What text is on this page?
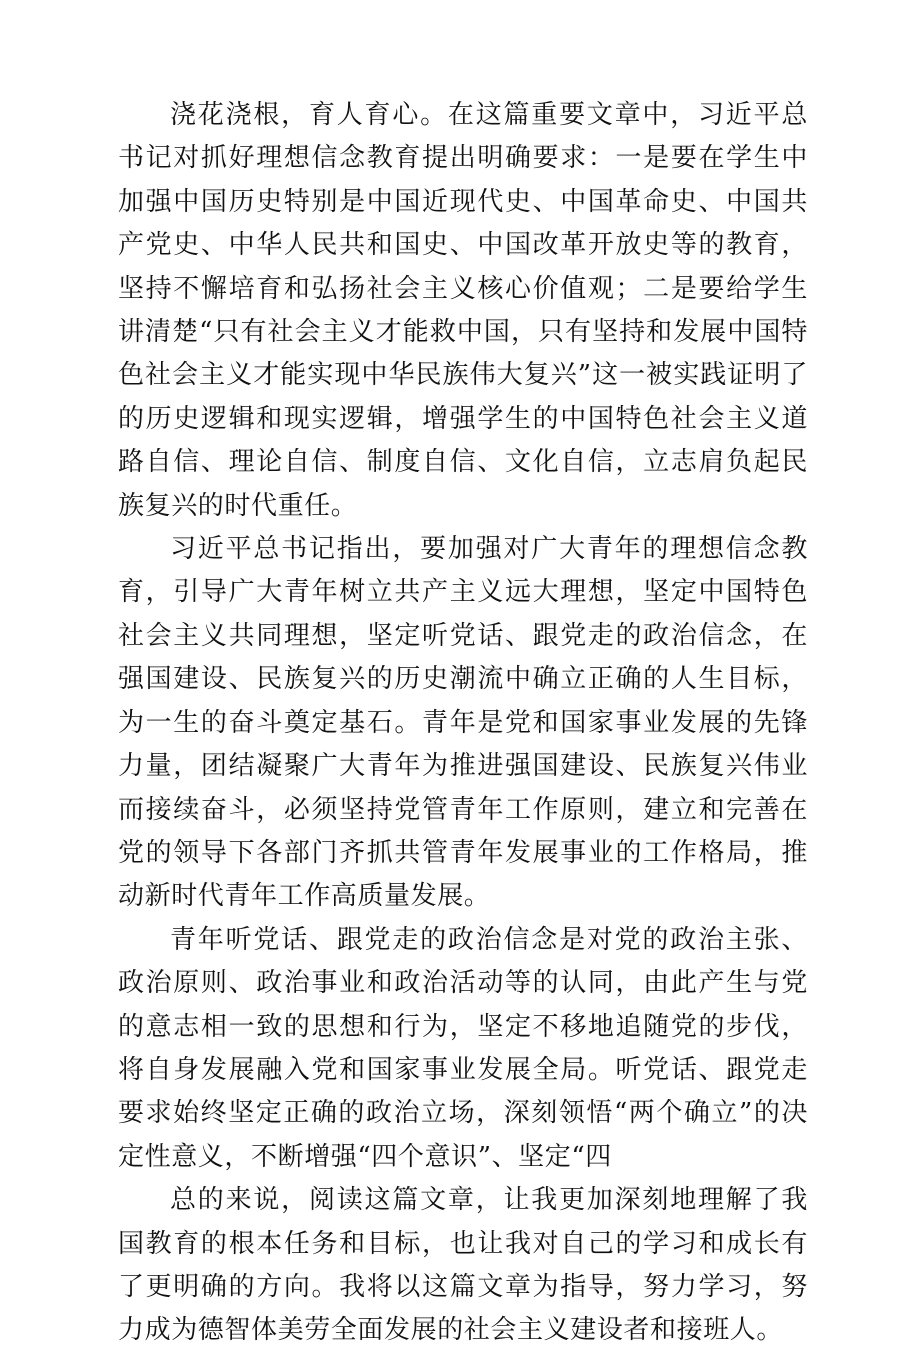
浇花浇根，育人育心。在这篇重要文章中，习近平总书记对抓好理想信念教育提出明确要求：一是要在学生中加强中国历史特别是中国近现代史、中国革命史、中国共产党史、中华人民共和国史、中国改革开放史等的教育，坚持不懈培育和弘扬社会主义核心价值观；二是要给学生讲清楚“只有社会主义才能救中国，只有坚持和发展中国特色社会主义才能实现中华民族伟大复兴”这一被实践证明了的历史逻辑和现实逻辑，增强学生的中国特色社会主义道路自信、理论自信、制度自信、文化自信，立志肩负起民族复兴的时代重任。

习近平总书记指出，要加强对广大青年的理想信念教育，引导广大青年树立共产主义远大理想，坚定中国特色社会主义共同理想，坚定听党话、跟党走的政治信念，在强国建设、民族复兴的历史潮流中确立正确的人生目标，为一生的奋斗奠定基石。青年是党和国家事业发展的先锋力量，团结凝聚广大青年为推进强国建设、民族复兴伟业而接续奋斗，必须坚持党管青年工作原则，建立和完善在党的领导下各部门齐抓共管青年发展事业的工作格局，推动新时代青年工作高质量发展。

青年听党话、跟党走的政治信念是对党的政治主张、政治原则、政治事业和政治活动等的认同，由此产生与党的意志相一致的思想和行为，坚定不移地追随党的步伐，将自身发展融入党和国家事业发展全局。听党话、跟党走要求始终坚定正确的政治立场，深刻领悟“两个确立”的决定性意义，不断增强“四个意识”、坚定“四

总的来说，阅读这篇文章，让我更加深刻地理解了我国教育的根本任务和目标，也让我对自己的学习和成长有了更明确的方向。我将以这篇文章为指导，努力学习，努力成为德智体美劳全面发展的社会主义建设者和接班人。
